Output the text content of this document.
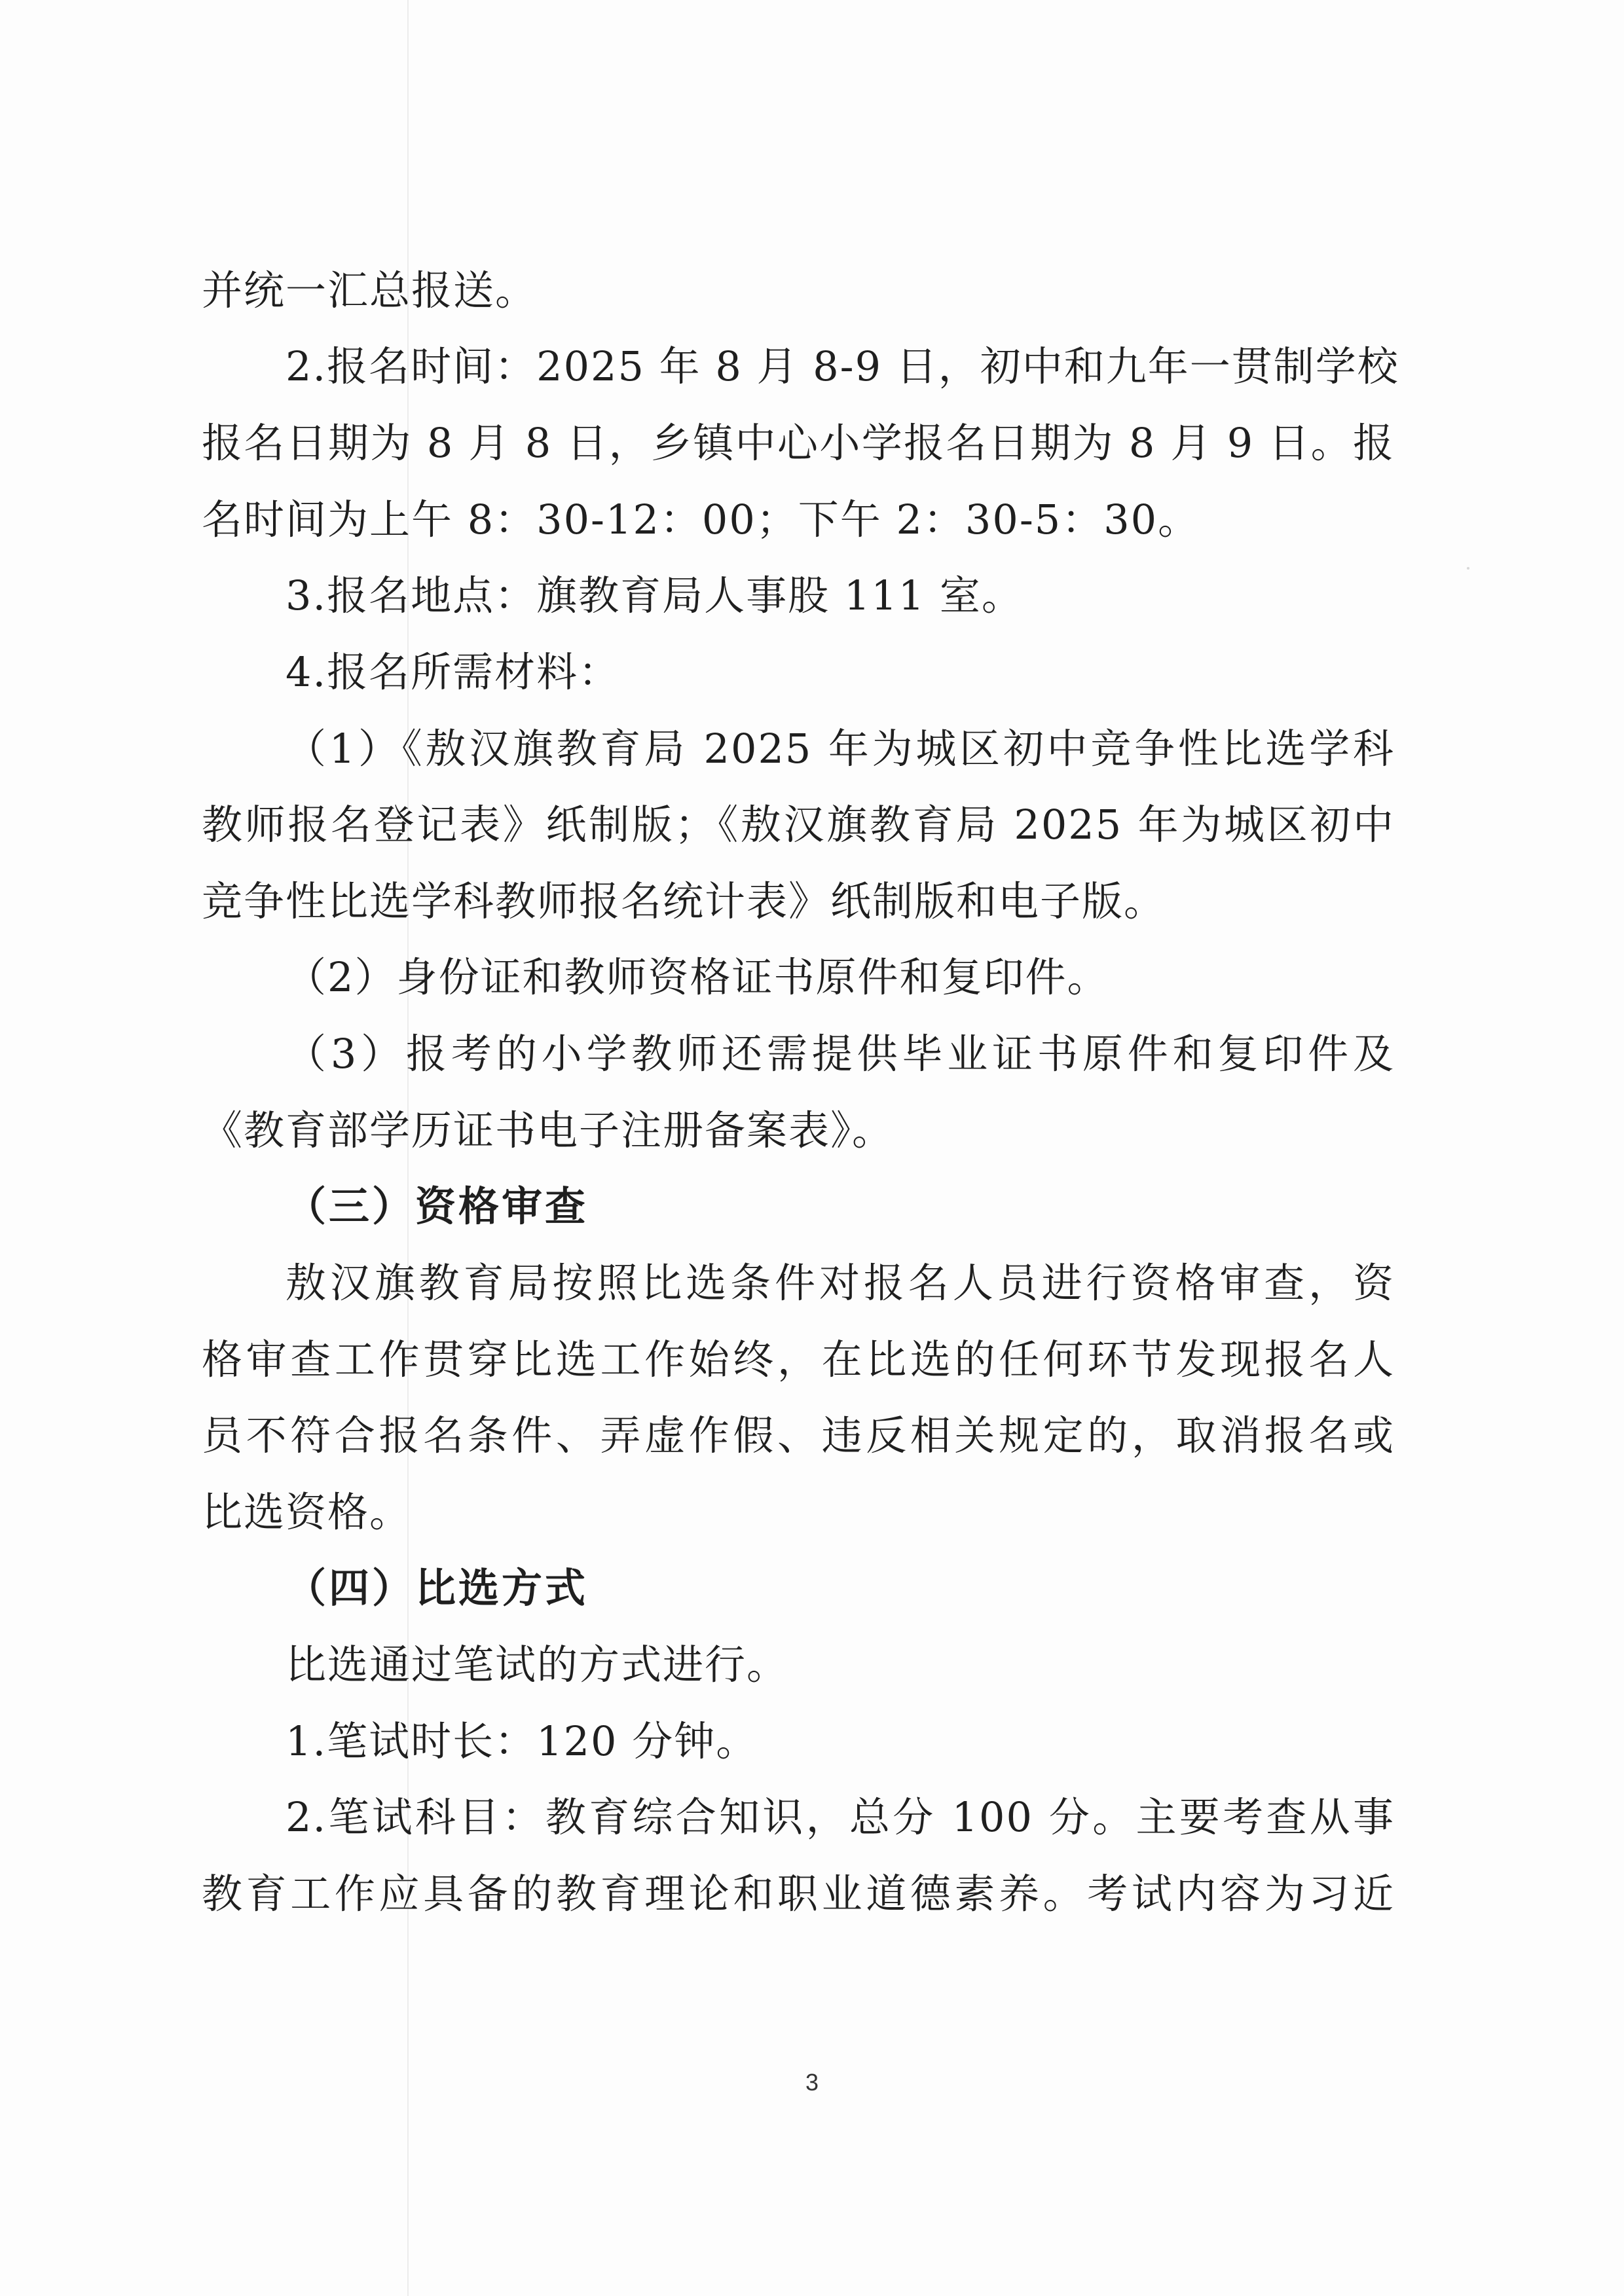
并统一汇总报送。
2.报名时间：2025 年 8 月 8-9 日，初中和九年一贯制学校
报名日期为 8 月 8 日，乡镇中心小学报名日期为 8 月 9 日。报
名时间为上午 8：30-12：00；下午 2：30-5：30。
3.报名地点：旗教育局人事股 111 室。
4.报名所需材料：
（1）《敖汉旗教育局 2025 年为城区初中竞争性比选学科
教师报名登记表》纸制版；《敖汉旗教育局 2025 年为城区初中
竞争性比选学科教师报名统计表》纸制版和电子版。
（2）身份证和教师资格证书原件和复印件。
（3）报考的小学教师还需提供毕业证书原件和复印件及
《教育部学历证书电子注册备案表》。
（三）资格审查
敖汉旗教育局按照比选条件对报名人员进行资格审查，资
格审查工作贯穿比选工作始终，在比选的任何环节发现报名人
员不符合报名条件、弄虚作假、违反相关规定的，取消报名或
比选资格。
（四）比选方式
比选通过笔试的方式进行。
1.笔试时长：120 分钟。
2.笔试科目：教育综合知识，总分 100 分。主要考查从事
教育工作应具备的教育理论和职业道德素养。考试内容为习近
3
